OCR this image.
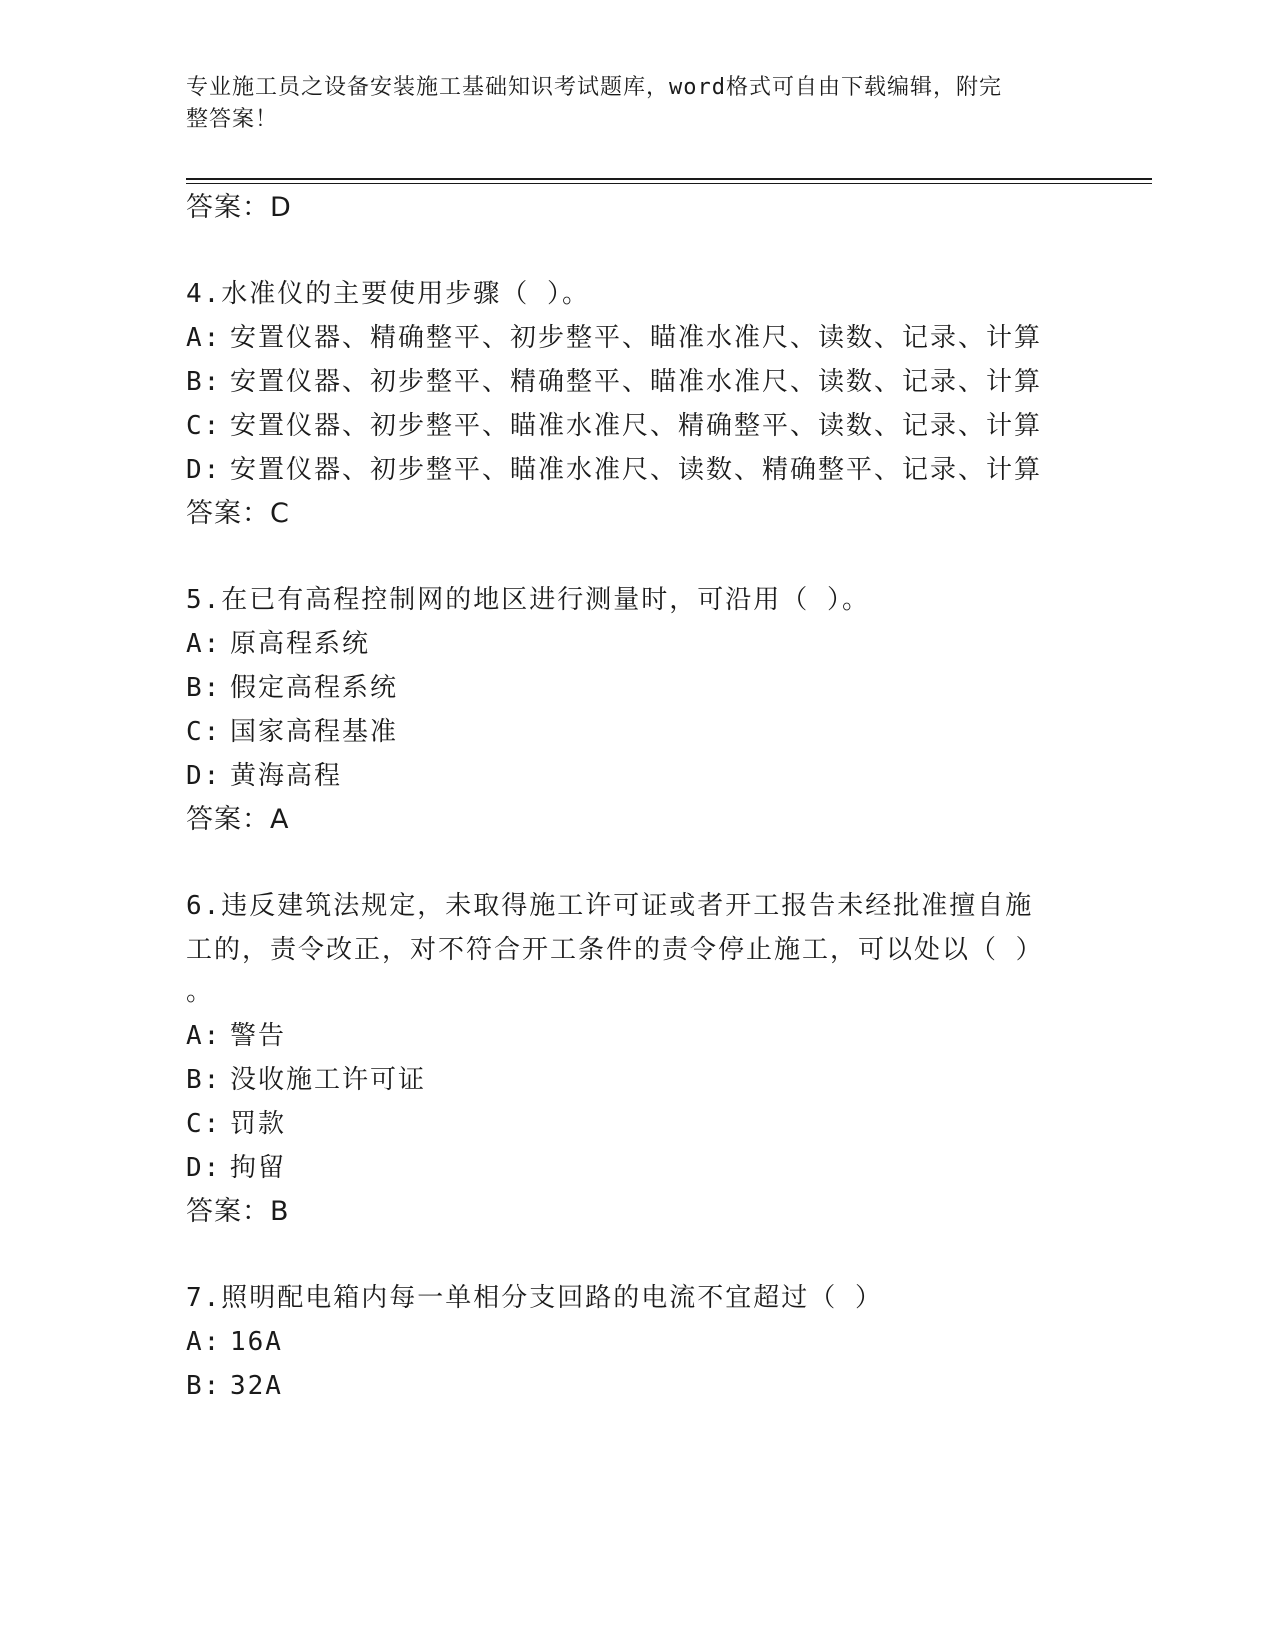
专业施工员之设备安装施工基础知识考试题库，word格式可自由下载编辑，附完
整答案！
答案：D
4.水准仪的主要使用步骤（ ）。
A: 安置仪器、精确整平、初步整平、瞄准水准尺、读数、记录、计算
B: 安置仪器、初步整平、精确整平、瞄准水准尺、读数、记录、计算
C: 安置仪器、初步整平、瞄准水准尺、精确整平、读数、记录、计算
D: 安置仪器、初步整平、瞄准水准尺、读数、精确整平、记录、计算
答案：C
5.在已有高程控制网的地区进行测量时，可沿用（ ）。
A: 原高程系统
B: 假定高程系统
C: 国家高程基准
D: 黄海高程
答案：A
6.违反建筑法规定，未取得施工许可证或者开工报告未经批准擅自施
工的，责令改正，对不符合开工条件的责令停止施工，可以处以（ ）
。
A: 警告
B: 没收施工许可证
C: 罚款
D: 拘留
答案：B
7.照明配电箱内每一单相分支回路的电流不宜超过（ ）
A: 16A
B: 32A
